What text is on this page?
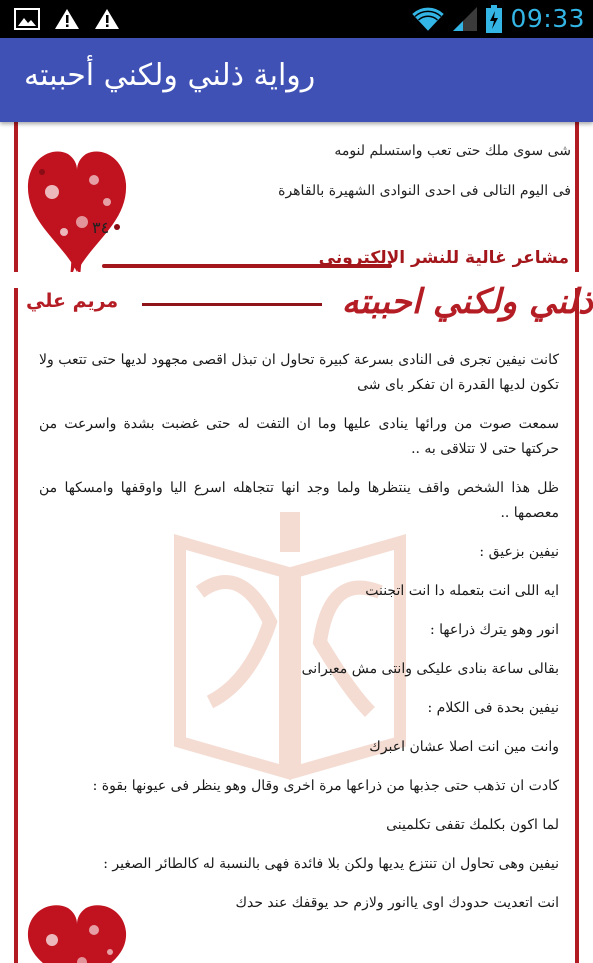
09:33
رواية ذلني ولكني أحببته

شى سوى ملك حتى تعب واستسلم لنومه

فى اليوم التالى فى احدى النوادى الشهيرة بالقاهرة

٣٤
مشاعر غالية للنشر الإلكتروني
ذلني ولكني احببته
مريم علي

كانت نيفين تجرى فى النادى بسرعة كبيرة تحاول ان تبذل اقصى مجهود لديها حتى تتعب ولا تكون لديها القدرة ان تفكر باى شى

سمعت صوت من ورائها ينادى عليها وما ان التفت له حتى غضبت بشدة واسرعت من حركتها حتى لا تتلاقى به ..

ظل هذا الشخص واقف ينتظرها ولما وجد انها تتجاهله اسرع اليا واوقفها وامسكها من معصمها ..

نيفين بزعيق :

ايه اللى انت بتعمله دا انت اتجننت

انور وهو يترك ذراعها :

بقالى ساعة بنادى عليكى وانتى مش معبرانى

نيفين بحدة فى الكلام :

وانت مين انت اصلا عشان اعبرك

كادت ان تذهب حتى جذبها من ذراعها مرة اخرى وقال وهو ينظر فى عيونها بقوة :

لما اكون بكلمك تقفى تكلمينى

نيفين وهى تحاول ان تنتزع يديها ولكن بلا فائدة فهى بالنسبة له كالطائر الصغير :

انت اتعديت حدودك اوى ياانور ولازم حد يوقفك عند حدك
